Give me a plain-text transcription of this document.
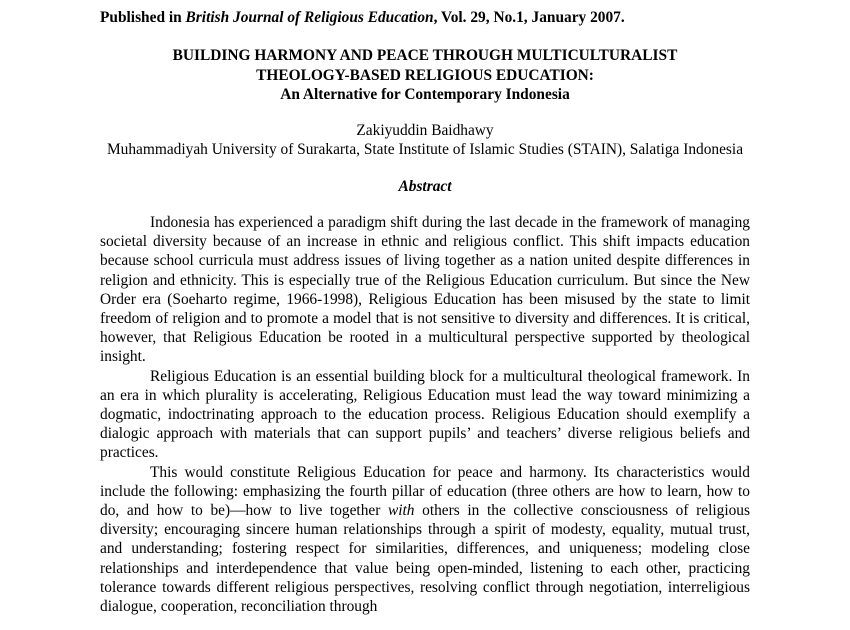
Published in British Journal of Religious Education, Vol. 29, No.1, January 2007.
BUILDING HARMONY AND PEACE THROUGH MULTICULTURALIST
THEOLOGY-BASED RELIGIOUS EDUCATION:
An Alternative for Contemporary Indonesia
Zakiyuddin Baidhawy
Muhammadiyah University of Surakarta, State Institute of Islamic Studies (STAIN), Salatiga Indonesia
Abstract

Indonesia has experienced a paradigm shift during the last decade in the framework of managing societal diversity because of an increase in ethnic and religious conflict. This shift impacts education because school curricula must address issues of living together as a nation united despite differences in religion and ethnicity. This is especially true of the Religious Education curriculum. But since the New Order era (Soeharto regime, 1966-1998), Religious Education has been misused by the state to limit freedom of religion and to promote a model that is not sensitive to diversity and differences. It is critical, however, that Religious Education be rooted in a multicultural perspective supported by theological insight.

Religious Education is an essential building block for a multicultural theological framework. In an era in which plurality is accelerating, Religious Education must lead the way toward minimizing a dogmatic, indoctrinating approach to the education process. Religious Education should exemplify a dialogic approach with materials that can support pupils’ and teachers’ diverse religious beliefs and practices.

This would constitute Religious Education for peace and harmony. Its characteristics would include the following: emphasizing the fourth pillar of education (three others are how to learn, how to do, and how to be)—how to live together with others in the collective consciousness of religious diversity; encouraging sincere human relationships through a spirit of modesty, equality, mutual trust, and understanding; fostering respect for similarities, differences, and uniqueness; modeling close relationships and interdependence that value being open-minded, listening to each other, practicing tolerance towards different religious perspectives, resolving conflict through negotiation, interreligious dialogue, cooperation, reconciliation through
